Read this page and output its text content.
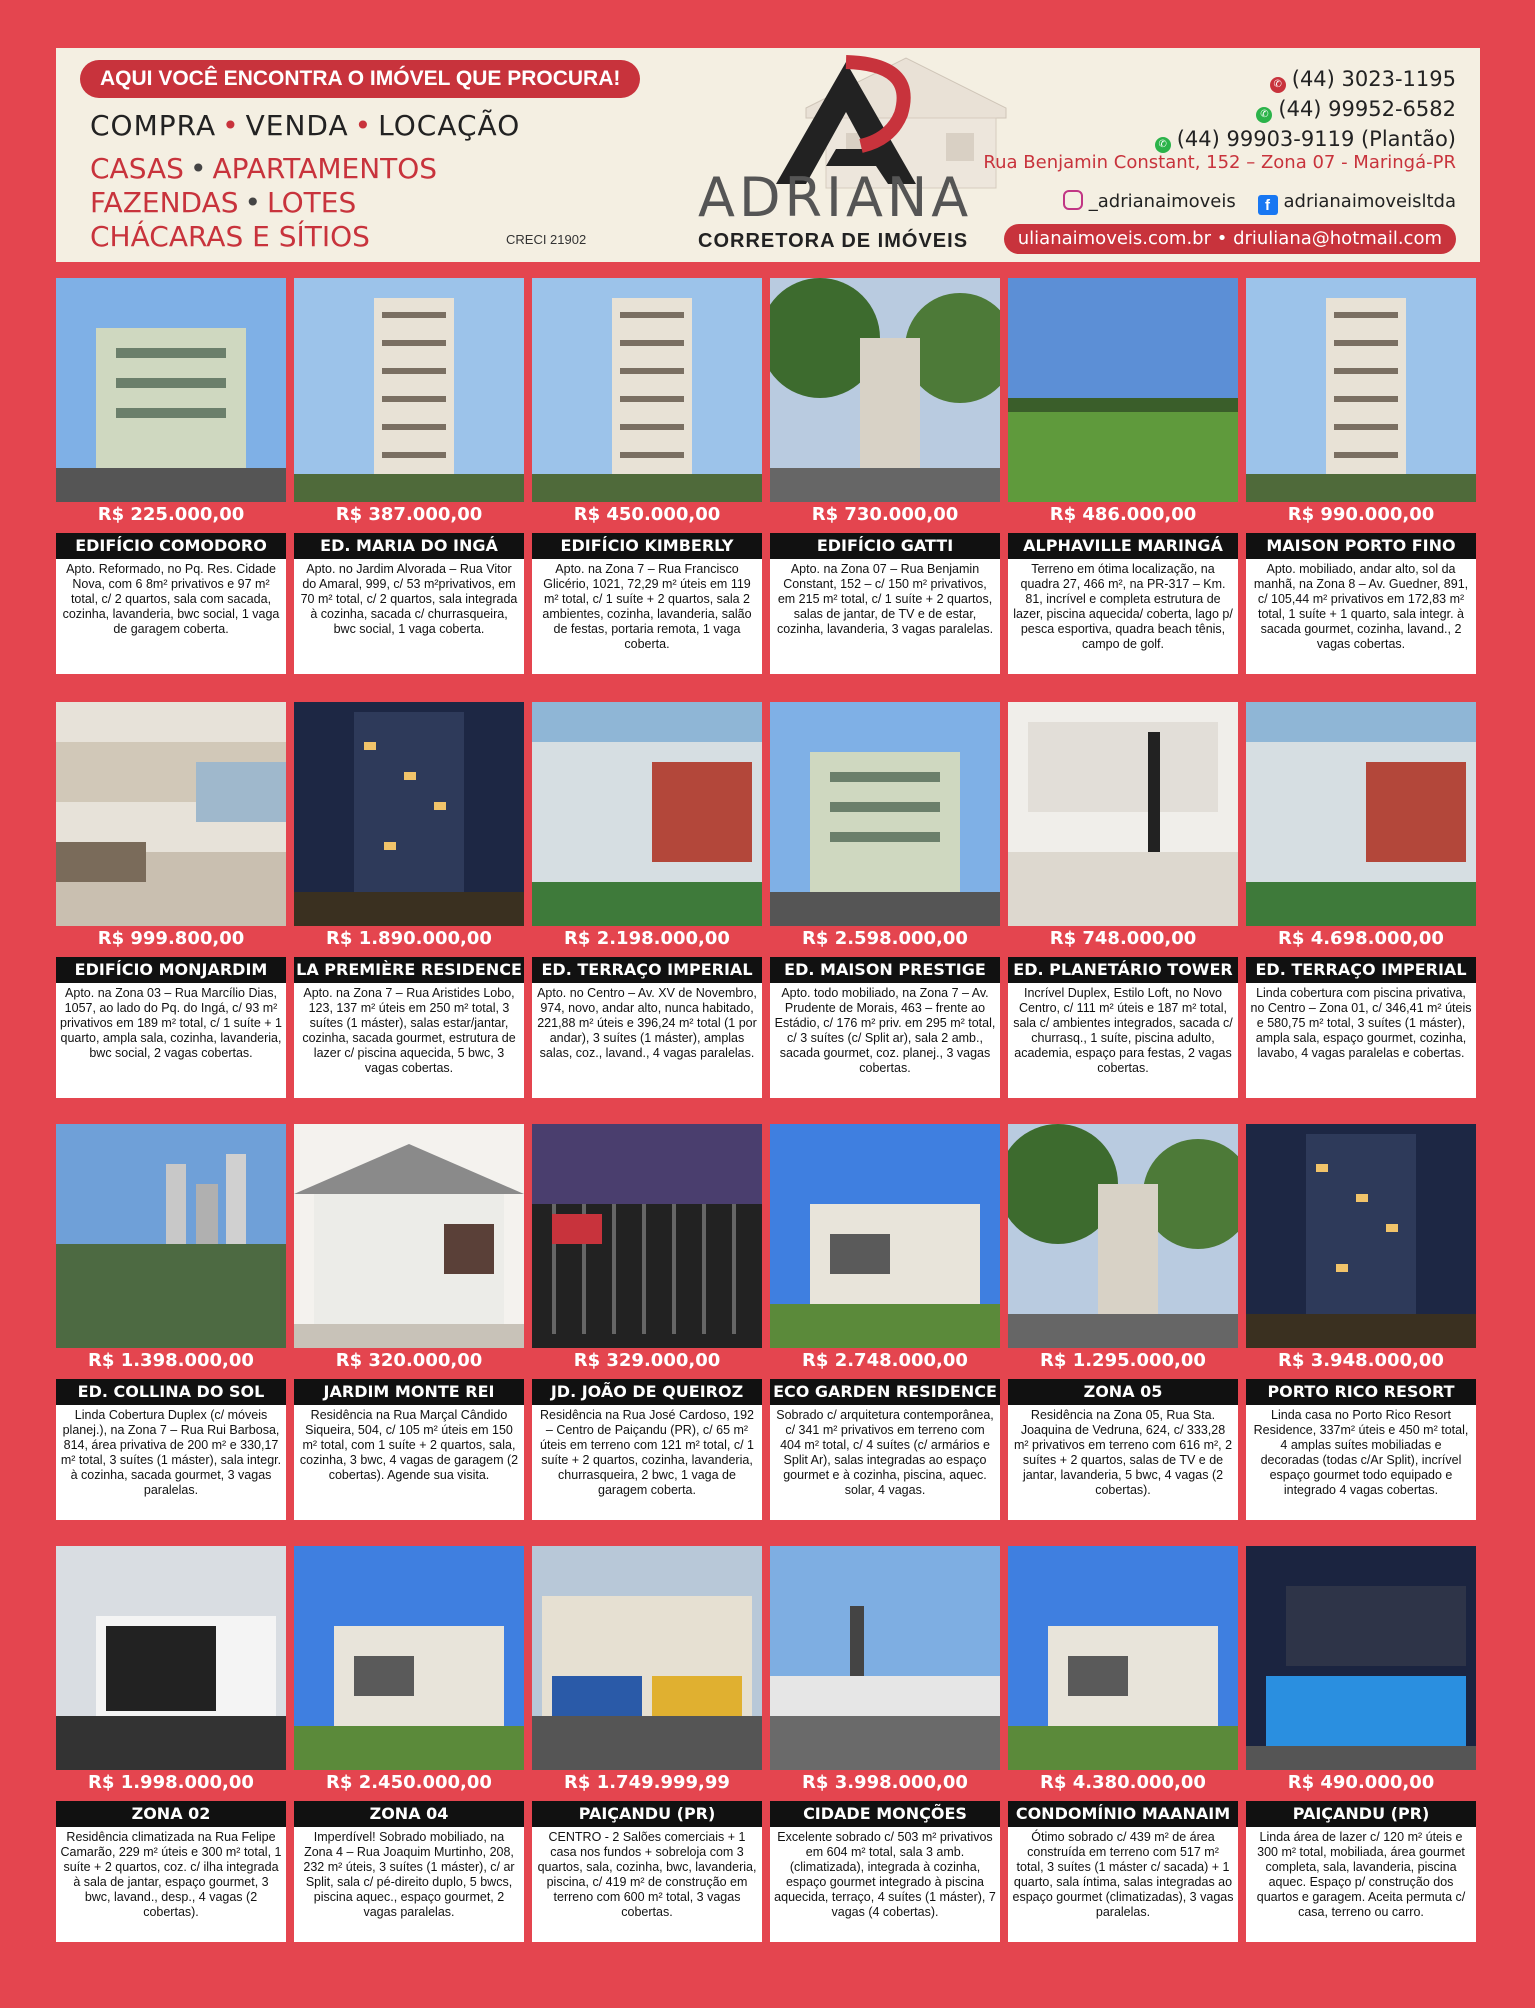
AQUI VOCÊ ENCONTRA O IMÓVEL QUE PROCURA!
COMPRA • VENDA • LOCAÇÃO
CASAS • APARTAMENTOS
FAZENDAS • LOTES
CHÁCARAS E SÍTIOS	CRECI 21902
ADRIANA
CORRETORA DE IMÓVEIS
✆ (44) 3023-1195
✆ (44) 99952-6582
✆ (44) 99903-9119 (Plantão)
Rua Benjamin Constant, 152 – Zona 07 - Maringá-PR
_adrianaimoveis f adrianaimoveisltda
ulianaimoveis.com.br • driuliana@hotmail.com
R$ 225.000,00
EDIFÍCIO COMODORO
Apto. Reformado, no Pq. Res. Cidade Nova, com 6 8m² privativos e 97 m² total, c/ 2 quartos, sala com sacada, cozinha, lavanderia, bwc social, 1 vaga de garagem coberta.
R$ 387.000,00
ED. MARIA DO INGÁ
Apto. no Jardim Alvorada – Rua Vitor do Amaral, 999, c/ 53 m²privativos, em 70 m² total, c/ 2 quartos, sala integrada à cozinha, sacada c/ churrasqueira, bwc social, 1 vaga coberta.
R$ 450.000,00
EDIFÍCIO KIMBERLY
Apto. na Zona 7 – Rua Francisco Glicério, 1021, 72,29 m² úteis em 119 m² total, c/ 1 suíte + 2 quartos, sala 2 ambientes, cozinha, lavanderia, salão de festas, portaria remota, 1 vaga coberta.
R$ 730.000,00
EDIFÍCIO GATTI
Apto. na Zona 07 – Rua Benjamin Constant, 152 – c/ 150 m² privativos, em 215 m² total, c/ 1 suíte + 2 quartos, salas de jantar, de TV e de estar, cozinha, lavanderia, 3 vagas paralelas.
R$ 486.000,00
ALPHAVILLE MARINGÁ
Terreno em ótima localização, na quadra 27, 466 m², na PR-317 – Km. 81, incrível e completa estrutura de lazer, piscina aquecida/ coberta, lago p/ pesca esportiva, quadra beach tênis, campo de golf.
R$ 990.000,00
MAISON PORTO FINO
Apto. mobiliado, andar alto, sol da manhã, na Zona 8 – Av. Guedner, 891, c/ 105,44 m² privativos em 172,83 m² total, 1 suíte + 1 quarto, sala integr. à sacada gourmet, cozinha, lavand., 2 vagas cobertas.
R$ 999.800,00
EDIFÍCIO MONJARDIM
Apto. na Zona 03 – Rua Marcílio Dias, 1057, ao lado do Pq. do Ingá, c/ 93 m² privativos em 189 m² total, c/ 1 suíte + 1 quarto, ampla sala, cozinha, lavanderia, bwc social, 2 vagas cobertas.
R$ 1.890.000,00
LA PREMIÈRE RESIDENCE
Apto. na Zona 7 – Rua Aristides Lobo, 123, 137 m² úteis em 250 m² total, 3 suítes (1 máster), salas estar/jantar, cozinha, sacada gourmet, estrutura de lazer c/ piscina aquecida, 5 bwc, 3 vagas cobertas.
R$ 2.198.000,00
ED. TERRAÇO IMPERIAL
Apto. no Centro – Av. XV de Novembro, 974, novo, andar alto, nunca habitado, 221,88 m² úteis e 396,24 m² total (1 por andar), 3 suítes (1 máster), amplas salas, coz., lavand., 4 vagas paralelas.
R$ 2.598.000,00
ED. MAISON PRESTIGE
Apto. todo mobiliado, na Zona 7 – Av. Prudente de Morais, 463 – frente ao Estádio, c/ 176 m² priv. em 295 m² total, c/ 3 suítes (c/ Split ar), sala 2 amb., sacada gourmet, coz. planej., 3 vagas cobertas.
R$ 748.000,00
ED. PLANETÁRIO TOWER
Incrível Duplex, Estilo Loft, no Novo Centro, c/ 111 m² úteis e 187 m² total, sala c/ ambientes integrados, sacada c/ churrasq., 1 suíte, piscina adulto, academia, espaço para festas, 2 vagas cobertas.
R$ 4.698.000,00
ED. TERRAÇO IMPERIAL
Linda cobertura com piscina privativa, no Centro – Zona 01, c/ 346,41 m² úteis e 580,75 m² total, 3 suítes (1 máster), ampla sala, espaço gourmet, cozinha, lavabo, 4 vagas paralelas e cobertas.
R$ 1.398.000,00
ED. COLLINA DO SOL
Linda Cobertura Duplex (c/ móveis planej.), na Zona 7 – Rua Rui Barbosa, 814, área privativa de 200 m² e 330,17 m² total, 3 suítes (1 máster), sala integr. à cozinha, sacada gourmet, 3 vagas paralelas.
R$ 320.000,00
JARDIM MONTE REI
Residência na Rua Marçal Cândido Siqueira, 504, c/ 105 m² úteis em 150 m² total, com 1 suíte + 2 quartos, sala, cozinha, 3 bwc, 4 vagas de garagem (2 cobertas). Agende sua visita.
R$ 329.000,00
JD. JOÃO DE QUEIROZ
Residência na Rua José Cardoso, 192 – Centro de Paiçandu (PR), c/ 65 m² úteis em terreno com 121 m² total, c/ 1 suíte + 2 quartos, cozinha, lavanderia, churrasqueira, 2 bwc, 1 vaga de garagem coberta.
R$ 2.748.000,00
ECO GARDEN RESIDENCE
Sobrado c/ arquitetura contemporânea, c/ 341 m² privativos em terreno com 404 m² total, c/ 4 suítes (c/ armários e Split Ar), salas integradas ao espaço gourmet e à cozinha, piscina, aquec. solar, 4 vagas.
R$ 1.295.000,00
ZONA 05
Residência na Zona 05, Rua Sta. Joaquina de Vedruna, 624, c/ 333,28 m² privativos em terreno com 616 m², 2 suítes + 2 quartos, salas de TV e de jantar, lavanderia, 5 bwc, 4 vagas (2 cobertas).
R$ 3.948.000,00
PORTO RICO RESORT
Linda casa no Porto Rico Resort Residence, 337m² úteis e 450 m² total, 4 amplas suítes mobiliadas e decoradas (todas c/Ar Split), incrível espaço gourmet todo equipado e integrado 4 vagas cobertas.
R$ 1.998.000,00
ZONA 02
Residência climatizada na Rua Felipe Camarão, 229 m² úteis e 300 m² total, 1 suíte + 2 quartos, coz. c/ ilha integrada à sala de jantar, espaço gourmet, 3 bwc, lavand., desp., 4 vagas (2 cobertas).
R$ 2.450.000,00
ZONA 04
Imperdível! Sobrado mobiliado, na Zona 4 – Rua Joaquim Murtinho, 208, 232 m² úteis, 3 suítes (1 máster), c/ ar Split, sala c/ pé-direito duplo, 5 bwcs, piscina aquec., espaço gourmet, 2 vagas paralelas.
R$ 1.749.999,99
PAIÇANDU (PR)
CENTRO - 2 Salões comerciais + 1 casa nos fundos + sobreloja com 3 quartos, sala, cozinha, bwc, lavanderia, piscina, c/ 419 m² de construção em terreno com 600 m² total, 3 vagas cobertas.
R$ 3.998.000,00
CIDADE MONÇÕES
Excelente sobrado c/ 503 m² privativos em 604 m² total, sala 3 amb. (climatizada), integrada à cozinha, espaço gourmet integrado à piscina aquecida, terraço, 4 suítes (1 máster), 7 vagas (4 cobertas).
R$ 4.380.000,00
CONDOMÍNIO MAANAIM
Ótimo sobrado c/ 439 m² de área construída em terreno com 517 m² total, 3 suítes (1 máster c/ sacada) + 1 quarto, sala íntima, salas integradas ao espaço gourmet (climatizadas), 3 vagas paralelas.
R$ 490.000,00
PAIÇANDU (PR)
Linda área de lazer c/ 120 m² úteis e 300 m² total, mobiliada, área gourmet completa, sala, lavanderia, piscina aquec. Espaço p/ construção dos quartos e garagem. Aceita permuta c/ casa, terreno ou carro.
